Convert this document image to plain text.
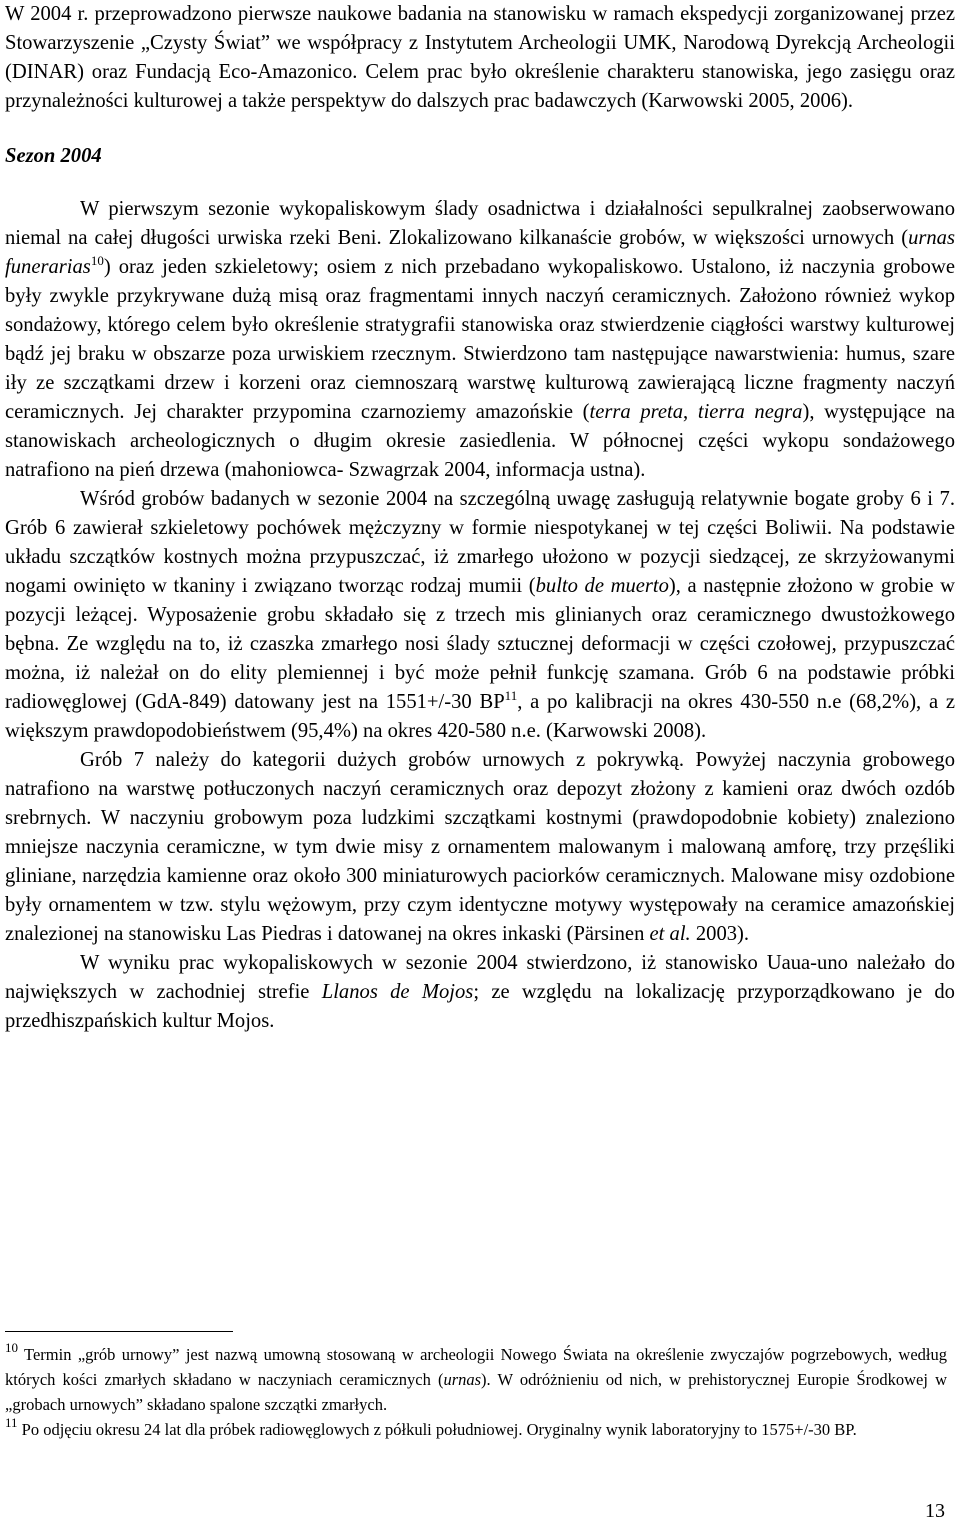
W 2004 r. przeprowadzono pierwsze naukowe badania na stanowisku w ramach ekspedycji zorganizowanej przez Stowarzyszenie „Czysty Świat” we współpracy z Instytutem Archeologii UMK, Narodową Dyrekcją Archeologii (DINAR) oraz Fundacją Eco-Amazonico. Celem prac było określenie charakteru stanowiska, jego zasięgu oraz przynależności kulturowej a także perspektyw do dalszych prac badawczych (Karwowski 2005, 2006).

Sezon 2004

W pierwszym sezonie wykopaliskowym ślady osadnictwa i działalności sepulkralnej zaobserwowano niemal na całej długości urwiska rzeki Beni. Zlokalizowano kilkanaście grobów, w większości urnowych (urnas funerarias$^{10}$) oraz jeden szkieletowy; osiem z nich przebadano wykopaliskowo. Ustalono, iż naczynia grobowe były zwykle przykrywane dużą misą oraz fragmentami innych naczyń ceramicznych. Założono również wykop sondażowy, którego celem było określenie stratygrafii stanowiska oraz stwierdzenie ciągłości warstwy kulturowej bądź jej braku w obszarze poza urwiskiem rzecznym. Stwierdzono tam następujące nawarstwienia: humus, szare iły ze szczątkami drzew i korzeni oraz ciemnoszarą warstwę kulturową zawierającą liczne fragmenty naczyń ceramicznych. Jej charakter przypomina czarnoziemy amazońskie (terra preta, tierra negra), występujące na stanowiskach archeologicznych o długim okresie zasiedlenia. W północnej części wykopu sondażowego natrafiono na pień drzewa (mahoniowca- Szwagrzak 2004, informacja ustna).

Wśród grobów badanych w sezonie 2004 na szczególną uwagę zasługują relatywnie bogate groby 6 i 7. Grób 6 zawierał szkieletowy pochówek mężczyzny w formie niespotykanej w tej części Boliwii. Na podstawie układu szczątków kostnych można przypuszczać, iż zmarłego ułożono w pozycji siedzącej, ze skrzyżowanymi nogami owinięto w tkaniny i związano tworząc rodzaj mumii (bulto de muerto), a następnie złożono w grobie w pozycji leżącej. Wyposażenie grobu składało się z trzech mis glinianych oraz ceramicznego dwustożkowego bębna. Ze względu na to, iż czaszka zmarłego nosi ślady sztucznej deformacji w części czołowej, przypuszczać można, iż należał on do elity plemiennej i być może pełnił funkcję szamana. Grób 6 na podstawie próbki radiowęglowej (GdA-849) datowany jest na 1551+/-30 BP$^{11}$, a po kalibracji na okres 430-550 n.e (68,2%), a z większym prawdopodobieństwem (95,4%) na okres 420-580 n.e. (Karwowski 2008).

Grób 7 należy do kategorii dużych grobów urnowych z pokrywką. Powyżej naczynia grobowego natrafiono na warstwę potłuczonych naczyń ceramicznych oraz depozyt złożony z kamieni oraz dwóch ozdób srebrnych. W naczyniu grobowym poza ludzkimi szczątkami kostnymi (prawdopodobnie kobiety) znaleziono mniejsze naczynia ceramiczne, w tym dwie misy z ornamentem malowanym i malowaną amforę, trzy przęśliki gliniane, narzędzia kamienne oraz około 300 miniaturowych paciorków ceramicznych. Malowane misy ozdobione były ornamentem w tzw. stylu wężowym, przy czym identyczne motywy występowały na ceramice amazońskiej znalezionej na stanowisku Las Piedras i datowanej na okres inkaski (Pärsinen et al. 2003).

W wyniku prac wykopaliskowych w sezonie 2004 stwierdzono, iż stanowisko Uaua-uno należało do największych w zachodniej strefie Llanos de Mojos; ze względu na lokalizację przyporządkowano je do przedhiszpańskich kultur Mojos.

$^{10}$ Termin „grób urnowy” jest nazwą umowną stosowaną w archeologii Nowego Świata na określenie zwyczajów pogrzebowych, według których kości zmarłych składano w naczyniach ceramicznych (urnas). W odróżnieniu od nich, w prehistorycznej Europie Środkowej w „grobach urnowych” składano spalone szczątki zmarłych.

$^{11}$ Po odjęciu okresu 24 lat dla próbek radiowęglowych z półkuli południowej. Oryginalny wynik laboratoryjny to 1575+/-30 BP.

13
